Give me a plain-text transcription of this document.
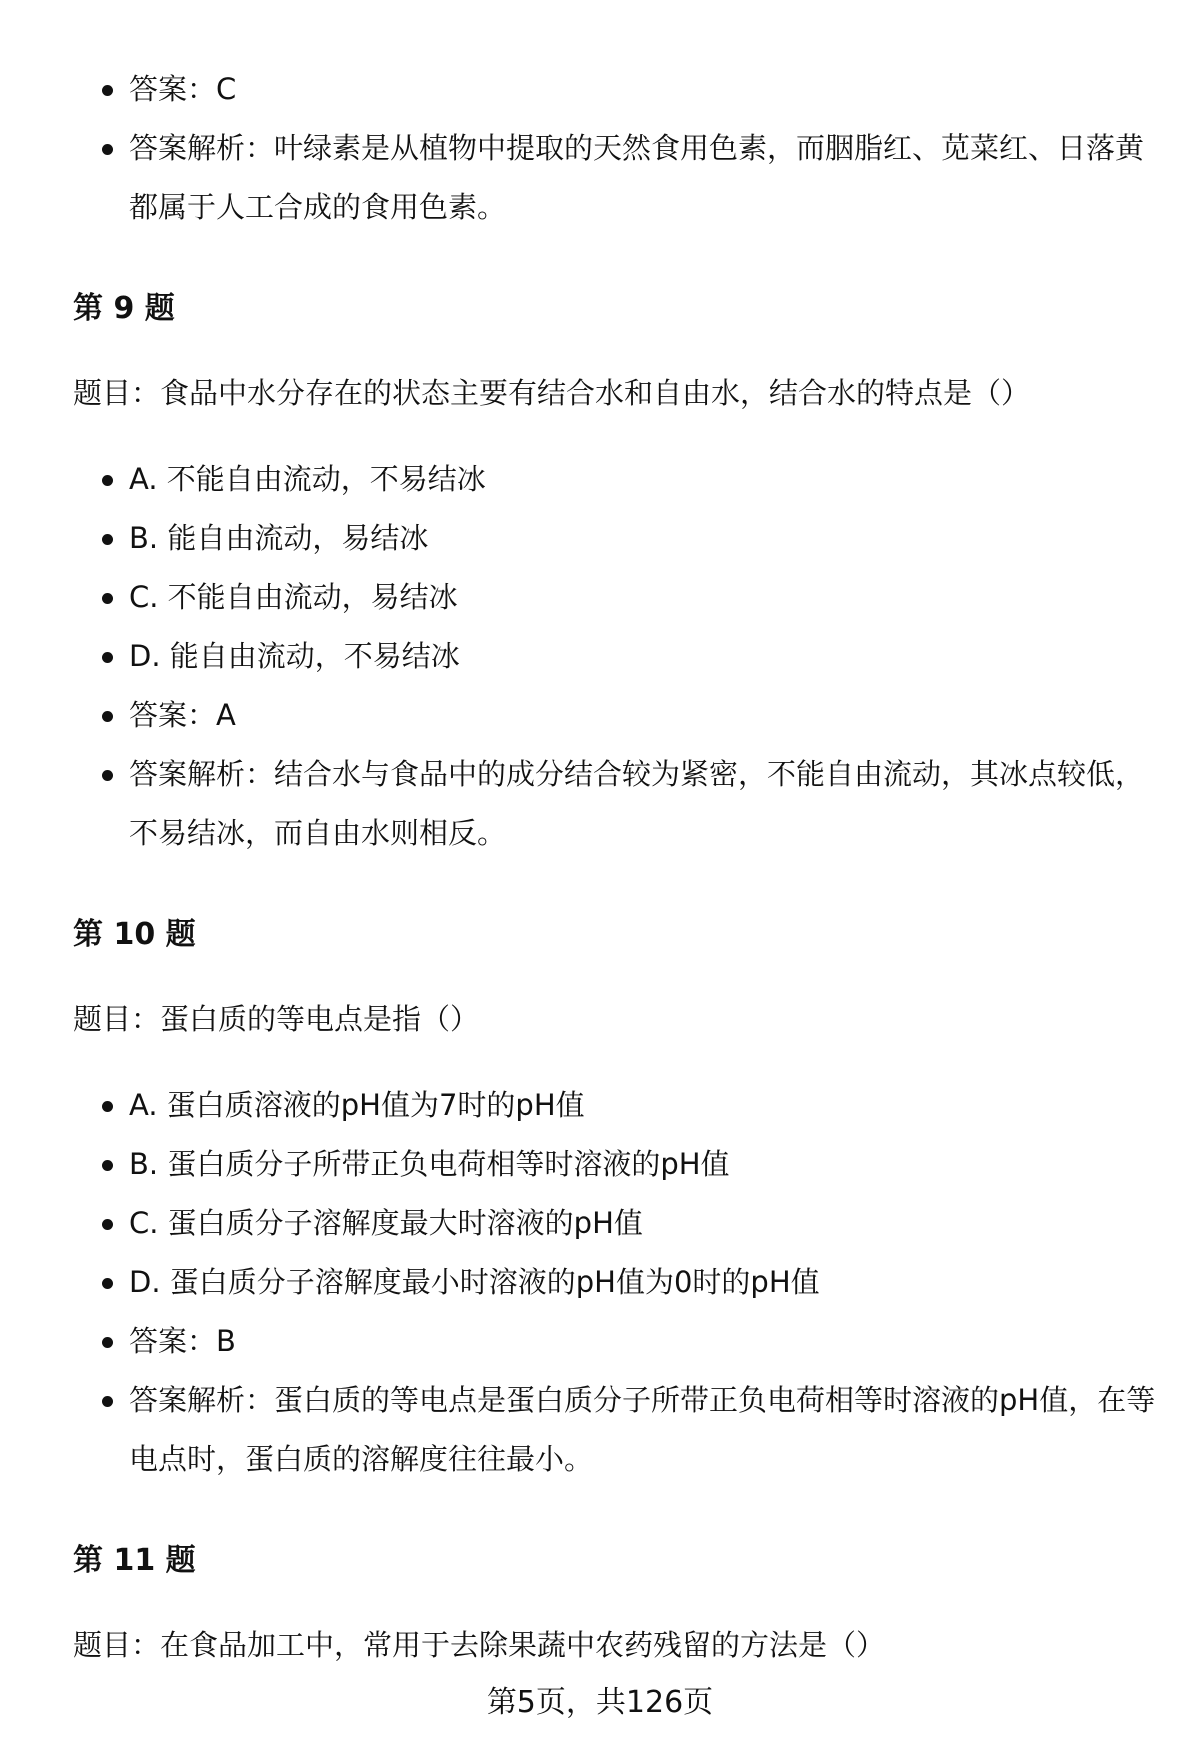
答案：C
答案解析：叶绿素是从植物中提取的天然食用色素，而胭脂红、苋菜红、日落黄都属于人工合成的食用色素。
第 9 题
题目：食品中水分存在的状态主要有结合水和自由水，结合水的特点是（）
A. 不能自由流动，不易结冰
B. 能自由流动，易结冰
C. 不能自由流动，易结冰
D. 能自由流动，不易结冰
答案：A
答案解析：结合水与食品中的成分结合较为紧密，不能自由流动，其冰点较低，不易结冰，而自由水则相反。
第 10 题
题目：蛋白质的等电点是指（）
A. 蛋白质溶液的pH值为7时的pH值
B. 蛋白质分子所带正负电荷相等时溶液的pH值
C. 蛋白质分子溶解度最大时溶液的pH值
D. 蛋白质分子溶解度最小时溶液的pH值为0时的pH值
答案：B
答案解析：蛋白质的等电点是蛋白质分子所带正负电荷相等时溶液的pH值，在等电点时，蛋白质的溶解度往往最小。
第 11 题
题目：在食品加工中，常用于去除果蔬中农药残留的方法是（）
第5页，共126页
